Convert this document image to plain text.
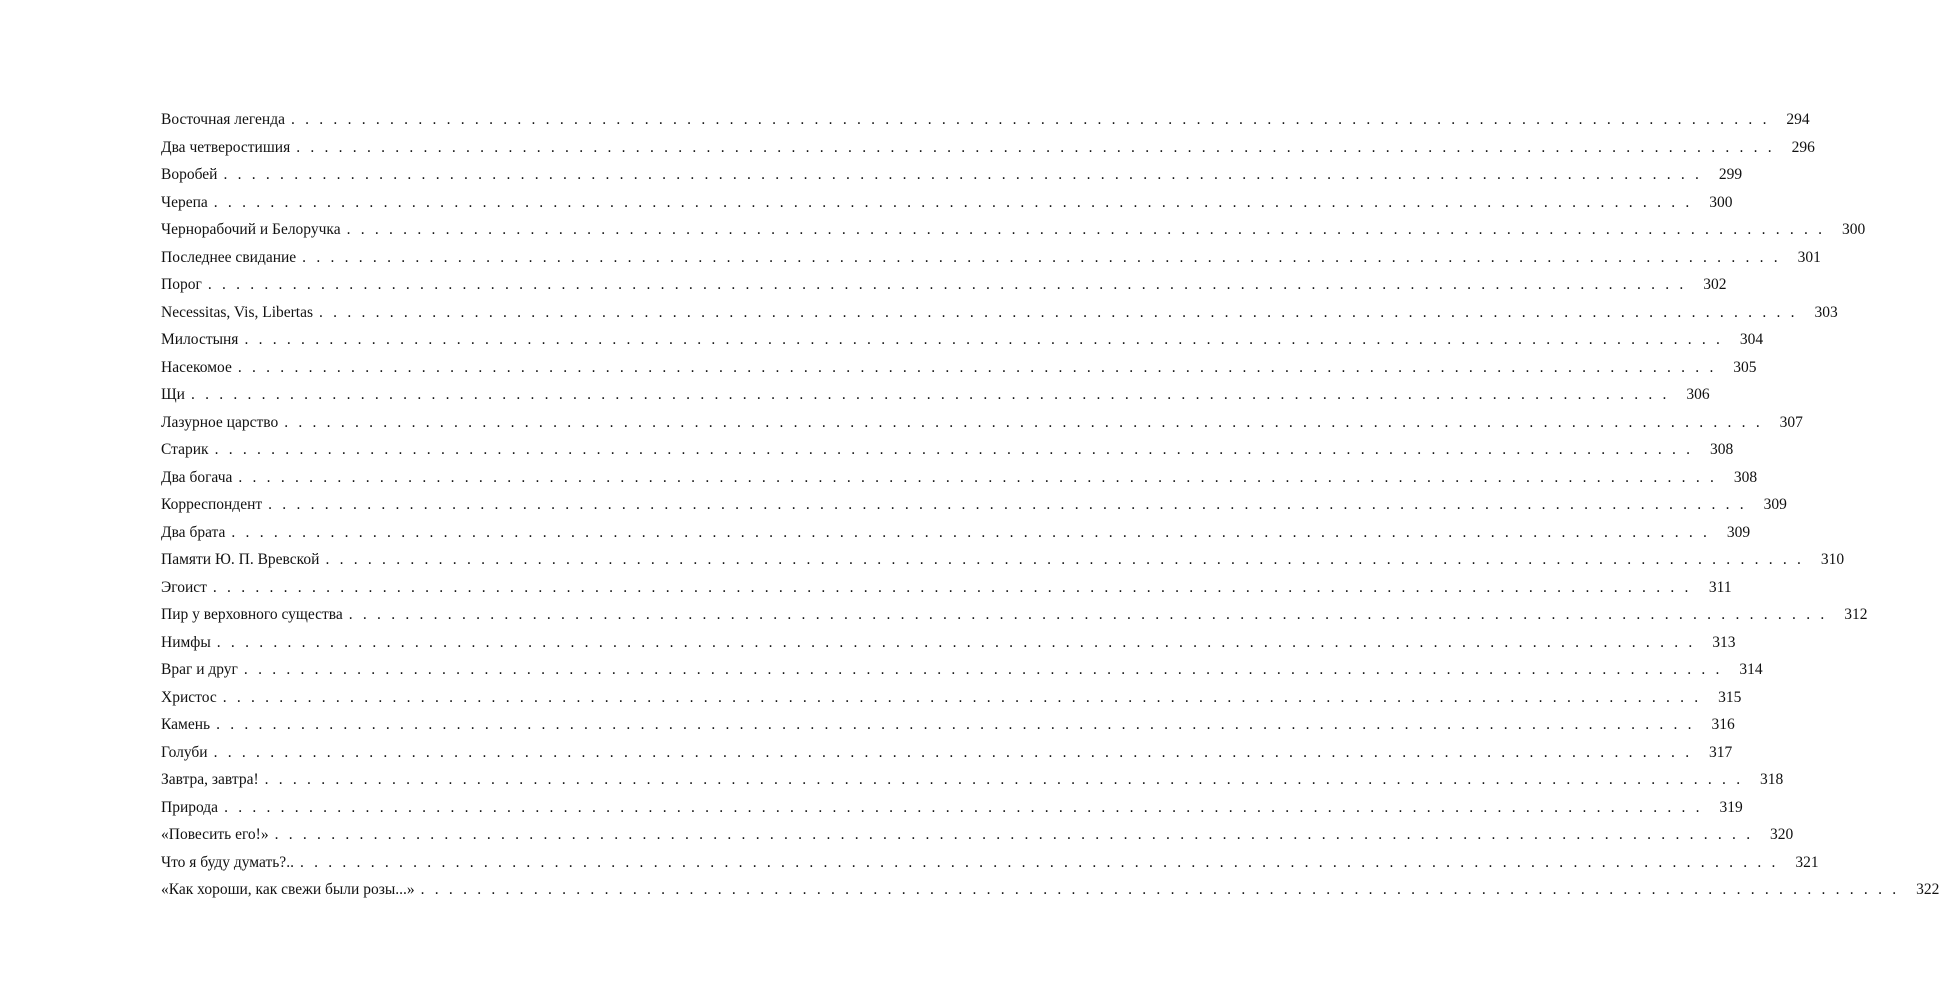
Восточная легенда . . . . . . . . . . . . . . . . . . . . . . . . . . . . . . . . . . . . . . . . . . . . . . . . . . . . . . . . . . . . . . . . . . . . . . . . . . . . . . . . . . . . . . . . . . . . . . . . . . . . . . . . .	294
Два четверостишия . . . . . . . . . . . . . . . . . . . . . . . . . . . . . . . . . . . . . . . . . . . . . . . . . . . . . . . . . . . . . . . . . . . . . . . . . . . . . . . . . . . . . . . . . . . . . . . . . . . . . . . . .	296
Воробей . . . . . . . . . . . . . . . . . . . . . . . . . . . . . . . . . . . . . . . . . . . . . . . . . . . . . . . . . . . . . . . . . . . . . . . . . . . . . . . . . . . . . . . . . . . . . . . . . . . . . . . . .	299
Черепа . . . . . . . . . . . . . . . . . . . . . . . . . . . . . . . . . . . . . . . . . . . . . . . . . . . . . . . . . . . . . . . . . . . . . . . . . . . . . . . . . . . . . . . . . . . . . . . . . . . . . . . . .	300
Чернорабочий и Белоручка . . . . . . . . . . . . . . . . . . . . . . . . . . . . . . . . . . . . . . . . . . . . . . . . . . . . . . . . . . . . . . . . . . . . . . . . . . . . . . . . . . . . . . . . . . . . . . . . . . . . . . . . .	300
Последнее свидание . . . . . . . . . . . . . . . . . . . . . . . . . . . . . . . . . . . . . . . . . . . . . . . . . . . . . . . . . . . . . . . . . . . . . . . . . . . . . . . . . . . . . . . . . . . . . . . . . . . . . . . . .	301
Порог . . . . . . . . . . . . . . . . . . . . . . . . . . . . . . . . . . . . . . . . . . . . . . . . . . . . . . . . . . . . . . . . . . . . . . . . . . . . . . . . . . . . . . . . . . . . . . . . . . . . . . . . .	302
Necessitas, Vis, Libertas . . . . . . . . . . . . . . . . . . . . . . . . . . . . . . . . . . . . . . . . . . . . . . . . . . . . . . . . . . . . . . . . . . . . . . . . . . . . . . . . . . . . . . . . . . . . . . . . . . . . . . . . .	303
Милостыня . . . . . . . . . . . . . . . . . . . . . . . . . . . . . . . . . . . . . . . . . . . . . . . . . . . . . . . . . . . . . . . . . . . . . . . . . . . . . . . . . . . . . . . . . . . . . . . . . . . . . . . . .	304
Насекомое . . . . . . . . . . . . . . . . . . . . . . . . . . . . . . . . . . . . . . . . . . . . . . . . . . . . . . . . . . . . . . . . . . . . . . . . . . . . . . . . . . . . . . . . . . . . . . . . . . . . . . . . .	305
Щи . . . . . . . . . . . . . . . . . . . . . . . . . . . . . . . . . . . . . . . . . . . . . . . . . . . . . . . . . . . . . . . . . . . . . . . . . . . . . . . . . . . . . . . . . . . . . . . . . . . . . . . . .	306
Лазурное царство . . . . . . . . . . . . . . . . . . . . . . . . . . . . . . . . . . . . . . . . . . . . . . . . . . . . . . . . . . . . . . . . . . . . . . . . . . . . . . . . . . . . . . . . . . . . . . . . . . . . . . . . .	307
Старик . . . . . . . . . . . . . . . . . . . . . . . . . . . . . . . . . . . . . . . . . . . . . . . . . . . . . . . . . . . . . . . . . . . . . . . . . . . . . . . . . . . . . . . . . . . . . . . . . . . . . . . . .	308
Два богача . . . . . . . . . . . . . . . . . . . . . . . . . . . . . . . . . . . . . . . . . . . . . . . . . . . . . . . . . . . . . . . . . . . . . . . . . . . . . . . . . . . . . . . . . . . . . . . . . . . . . . . . .	308
Корреспондент . . . . . . . . . . . . . . . . . . . . . . . . . . . . . . . . . . . . . . . . . . . . . . . . . . . . . . . . . . . . . . . . . . . . . . . . . . . . . . . . . . . . . . . . . . . . . . . . . . . . . . . . .	309
Два брата . . . . . . . . . . . . . . . . . . . . . . . . . . . . . . . . . . . . . . . . . . . . . . . . . . . . . . . . . . . . . . . . . . . . . . . . . . . . . . . . . . . . . . . . . . . . . . . . . . . . . . . . .	309
Памяти Ю. П. Вревской . . . . . . . . . . . . . . . . . . . . . . . . . . . . . . . . . . . . . . . . . . . . . . . . . . . . . . . . . . . . . . . . . . . . . . . . . . . . . . . . . . . . . . . . . . . . . . . . . . . . . . . . .	310
Эгоист . . . . . . . . . . . . . . . . . . . . . . . . . . . . . . . . . . . . . . . . . . . . . . . . . . . . . . . . . . . . . . . . . . . . . . . . . . . . . . . . . . . . . . . . . . . . . . . . . . . . . . . . .	311
Пир у верховного существа . . . . . . . . . . . . . . . . . . . . . . . . . . . . . . . . . . . . . . . . . . . . . . . . . . . . . . . . . . . . . . . . . . . . . . . . . . . . . . . . . . . . . . . . . . . . . . . . . . . . . . . . .	312
Нимфы . . . . . . . . . . . . . . . . . . . . . . . . . . . . . . . . . . . . . . . . . . . . . . . . . . . . . . . . . . . . . . . . . . . . . . . . . . . . . . . . . . . . . . . . . . . . . . . . . . . . . . . . .	313
Враг и друг . . . . . . . . . . . . . . . . . . . . . . . . . . . . . . . . . . . . . . . . . . . . . . . . . . . . . . . . . . . . . . . . . . . . . . . . . . . . . . . . . . . . . . . . . . . . . . . . . . . . . . . . .	314
Христос . . . . . . . . . . . . . . . . . . . . . . . . . . . . . . . . . . . . . . . . . . . . . . . . . . . . . . . . . . . . . . . . . . . . . . . . . . . . . . . . . . . . . . . . . . . . . . . . . . . . . . . . .	315
Камень . . . . . . . . . . . . . . . . . . . . . . . . . . . . . . . . . . . . . . . . . . . . . . . . . . . . . . . . . . . . . . . . . . . . . . . . . . . . . . . . . . . . . . . . . . . . . . . . . . . . . . . . .	316
Голуби . . . . . . . . . . . . . . . . . . . . . . . . . . . . . . . . . . . . . . . . . . . . . . . . . . . . . . . . . . . . . . . . . . . . . . . . . . . . . . . . . . . . . . . . . . . . . . . . . . . . . . . . .	317
Завтра, завтра! . . . . . . . . . . . . . . . . . . . . . . . . . . . . . . . . . . . . . . . . . . . . . . . . . . . . . . . . . . . . . . . . . . . . . . . . . . . . . . . . . . . . . . . . . . . . . . . . . . . . . . . . .	318
Природа . . . . . . . . . . . . . . . . . . . . . . . . . . . . . . . . . . . . . . . . . . . . . . . . . . . . . . . . . . . . . . . . . . . . . . . . . . . . . . . . . . . . . . . . . . . . . . . . . . . . . . . . .	319
«Повесить его!» . . . . . . . . . . . . . . . . . . . . . . . . . . . . . . . . . . . . . . . . . . . . . . . . . . . . . . . . . . . . . . . . . . . . . . . . . . . . . . . . . . . . . . . . . . . . . . . . . . . . . . . . .	320
Что я буду думать?.. . . . . . . . . . . . . . . . . . . . . . . . . . . . . . . . . . . . . . . . . . . . . . . . . . . . . . . . . . . . . . . . . . . . . . . . . . . . . . . . . . . . . . . . . . . . . . . . . . . . . . . . . .	321
«Как хороши, как свежи были розы...» . . . . . . . . . . . . . . . . . . . . . . . . . . . . . . . . . . . . . . . . . . . . . . . . . . . . . . . . . . . . . . . . . . . . . . . . . . . . . . . . . . . . . . . . . . . . . . . . . . . . . . . . .	322
